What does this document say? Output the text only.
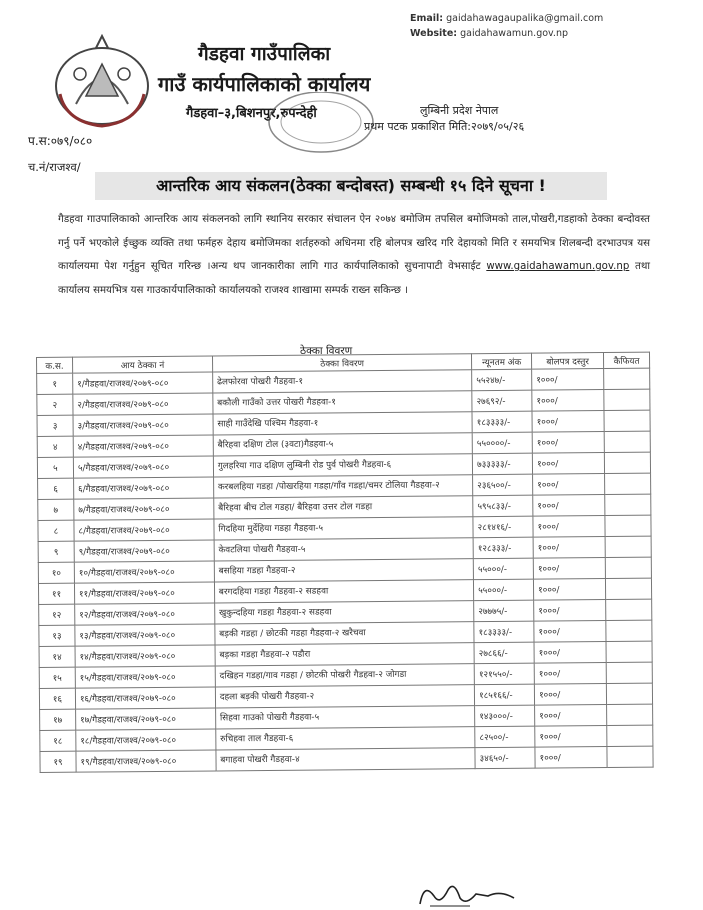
गैडहवा गाउँपालिका
गाउँ कार्यपालिकाको कार्यालय
गैडहवा–३,बिशनपुर,रुपन्देही
Email: gaidahawagaupalika@gmail.com
Website: gaidahawamun.gov.np
लुम्बिनी प्रदेश नेपाल
प्रथम पटक प्रकाशित मिति:२०७९/०५/२६
प.स:०७९/०८०
च.नं/राजश्व/
आन्तरिक आय संकलन(ठेक्का बन्दोबस्त) सम्बन्धी १५ दिने सूचना !
गैडहवा गाउपालिकाको आन्तरिक आय संकलनको लागि स्थानिय सरकार संचालन ऐन २०७४ बमोजिम तपसिल बमोजिमको ताल,पोखरी,गडहाको ठेक्का बन्दोवस्त गर्नु पर्ने भएकोले ईच्छुक व्यक्ति तथा फर्महरु देहाय बमोजिमका शर्तहरुको अधिनमा रहि बोलपत्र खरिद गरि देहायको मिति र समयभित्र शिलबन्दी दरभाउपत्र यस कार्यालयमा पेश गर्नुहुन सूचित गरिन्छ ।अन्य थप जानकारीका लागि गाउ कार्यपालिकाको सुचनापाटी वेभसाईट www.gaidahawamun.gov.np तथा कार्यालय समयभित्र यस गाउकार्यपालिकाको कार्यालयको राजश्व शाखामा सम्पर्क राख्न सकिन्छ ।
ठेक्का विवरण
क.स.	आय ठेक्का नं	ठेक्का विवरण	न्यूनतम अंक	बोलपत्र दस्तुर	कैफियत
१	१/गैडहवा/राजश्व/२०७९-०८०	ढेलफोरवा पोखरी गैडहवा-१	५५२४७/-	१०००/	
२	२/गैडहवा/राजश्व/२०७९-०८०	बकौली गाउँको उत्तर पोखरी गैडहवा-१	२७६९२/-	१०००/	
३	३/गैडहवा/राजश्व/२०७९-०८०	साही गाउँदेखि पश्चिम गैडहवा-१	१८३३३३/-	१०००/	
४	४/गैडहवा/राजश्व/२०७९-०८०	बैरिहवा दक्षिण टोल (३वटा)गैडहवा-५	५५००००/-	१०००/	
५	५/गैडहवा/राजश्व/२०७९-०८०	गुलहरिया गाउ दक्षिण लुम्बिनी रोड पुर्व पोखरी गैडहवा-६	७३३३३३/-	१०००/	
६	६/गैडहवा/राजश्व/२०७९-०८०	करबलहिया गडहा /पोखरहिया गडहा/गाँव गडहा/चमर टोलिया गैडहवा-२	२३६५००/-	१०००/	
७	७/गैडहवा/राजश्व/२०७९-०८०	बैरिहवा बीच टोल गडहा/ बैरिहवा उत्तर टोल गडहा	५९५८३३/-	१०००/	
८	८/गैडहवा/राजश्व/२०७९-०८०	गिदहिया मुर्देहिया गडहा गैडहवा-५	२८१४१६/-	१०००/	
९	९/गैडहवा/राजश्व/२०७९-०८०	केवटलिया पोखरी गैडहवा-५	१२८३३३/-	१०००/	
१०	१०/गैडहवा/राजश्व/२०७९-०८०	बसहिया गडहा गैडहवा-२	५५०००/-	१०००/	
११	११/गैडहवा/राजश्व/२०७९-०८०	बरगदहिया गडहा गैडहवा-२ सडहवा	५५०००/-	१०००/	
१२	१२/गैडहवा/राजश्व/२०७९-०८०	खुकुन्दहिया गडहा गैडहवा-२ सडहवा	२७७७५/-	१०००/	
१३	१३/गैडहवा/राजश्व/२०७९-०८०	बड़की गडहा / छोटकी गडहा गैडहवा-२ खरैचवा	१८३३३३/-	१०००/	
१४	१४/गैडहवा/राजश्व/२०७९-०८०	बड़का गडहा गैडहवा-२ पडौरा	२७८६६/-	१०००/	
१५	१५/गैडहवा/राजश्व/२०७९-०८०	दखिहन गडहा/गाव गडहा / छोटकी पोखरी गैडहवा-२ जोगडा	१२१५५०/-	१०००/	
१६	१६/गैडहवा/राजश्व/२०७९-०८०	दहला बड़की पोखरी गैडहवा-२	१८५१६६/-	१०००/	
१७	१७/गैडहवा/राजश्व/२०७९-०८०	सिहवा गाउको पोखरी गैडहवा-५	१४३०००/-	१०००/	
१८	१८/गैडहवा/राजश्व/२०७९-०८०	रुचिहवा ताल गैडहवा-६	८२५००/-	१०००/	
१९	१९/गैडहवा/राजश्व/२०७९-०८०	बगाहवा पोखरी गैडहवा-४	३४६५०/-	१०००/	
